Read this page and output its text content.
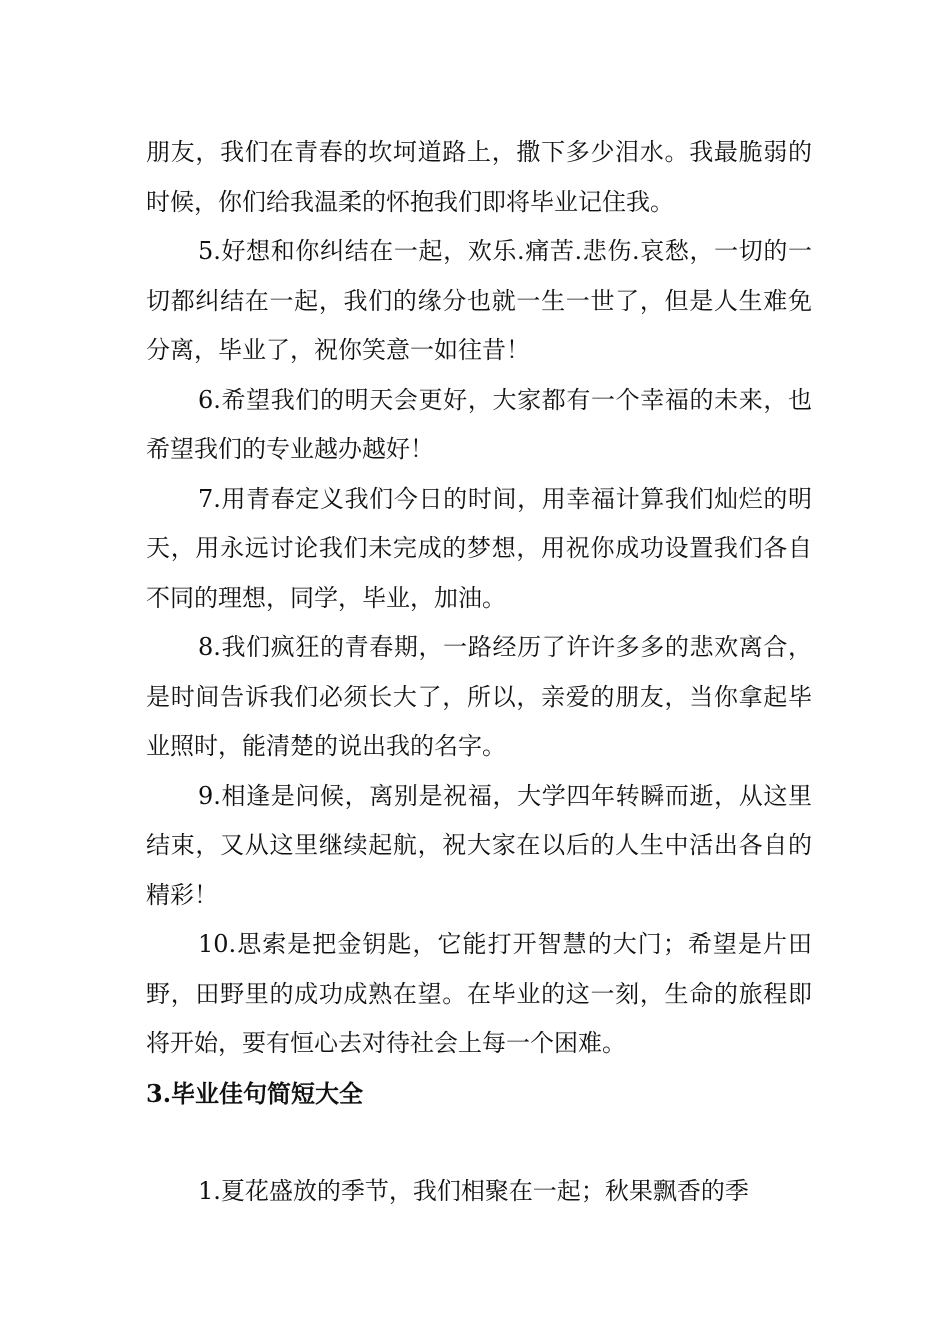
朋友，我们在青春的坎坷道路上，撒下多少泪水。我最脆弱的时候，你们给我温柔的怀抱我们即将毕业记住我。

5.好想和你纠结在一起，欢乐.痛苦.悲伤.哀愁，一切的一切都纠结在一起，我们的缘分也就一生一世了，但是人生难免分离，毕业了，祝你笑意一如往昔！

6.希望我们的明天会更好，大家都有一个幸福的未来，也希望我们的专业越办越好！

7.用青春定义我们今日的时间，用幸福计算我们灿烂的明天，用永远讨论我们未完成的梦想，用祝你成功设置我们各自不同的理想，同学，毕业，加油。

8.我们疯狂的青春期，一路经历了许许多多的悲欢离合，是时间告诉我们必须长大了，所以，亲爱的朋友，当你拿起毕业照时，能清楚的说出我的名字。

9.相逢是问候，离别是祝福，大学四年转瞬而逝，从这里结束，又从这里继续起航，祝大家在以后的人生中活出各自的精彩！

10.思索是把金钥匙，它能打开智慧的大门；希望是片田野，田野里的成功成熟在望。在毕业的这一刻，生命的旅程即将开始，要有恒心去对待社会上每一个困难。

3.毕业佳句简短大全

1.夏花盛放的季节，我们相聚在一起；秋果飘香的季
